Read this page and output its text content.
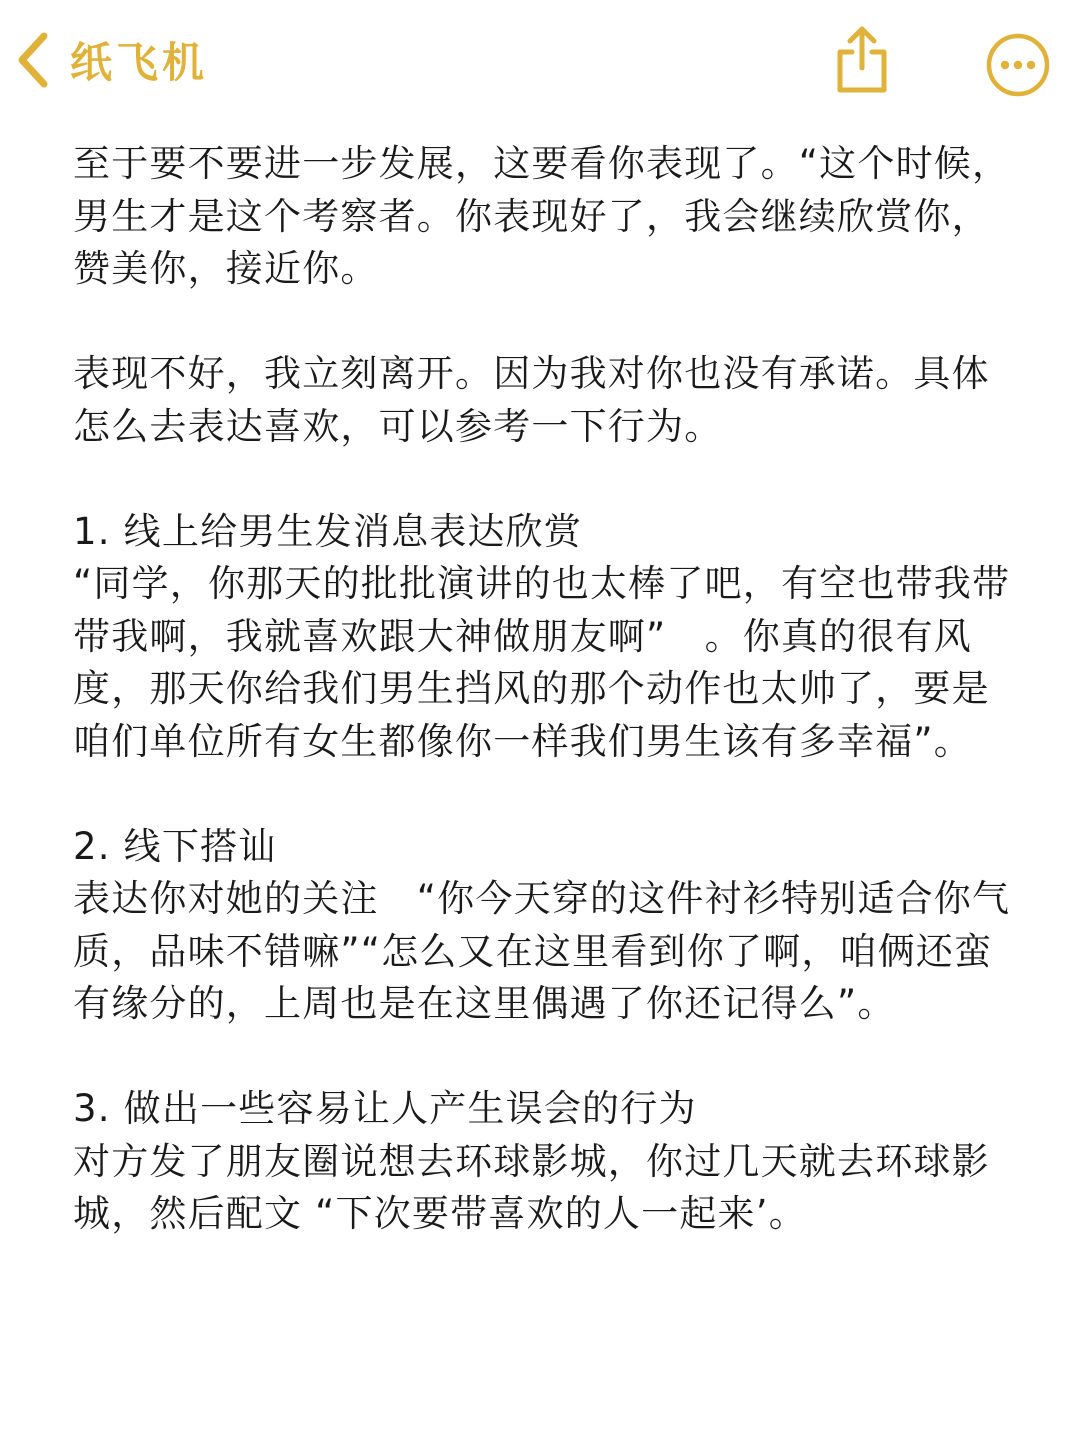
纸飞机

至于要不要进一步发展，这要看你表现了。“这个时候，男生才是这个考察者。你表现好了，我会继续欣赏你，赞美你，接近你。

表现不好，我立刻离开。因为我对你也没有承诺。具体怎么去表达喜欢，可以参考一下行为。

1. 线上给男生发消息表达欣赏

“同学，你那天的批批演讲的也太棒了吧，有空也带我带带我啊，我就喜欢跟大神做朋友啊”　。你真的很有风度，那天你给我们男生挡风的那个动作也太帅了，要是咱们单位所有女生都像你一样我们男生该有多幸福”。

2. 线下搭讪

表达你对她的关注　“你今天穿的这件衬衫特别适合你气质，品味不错嘛”“怎么又在这里看到你了啊，咱俩还蛮有缘分的，上周也是在这里偶遇了你还记得么”。

3. 做出一些容易让人产生误会的行为

对方发了朋友圈说想去环球影城，你过几天就去环球影城，然后配文 “下次要带喜欢的人一起来’。
